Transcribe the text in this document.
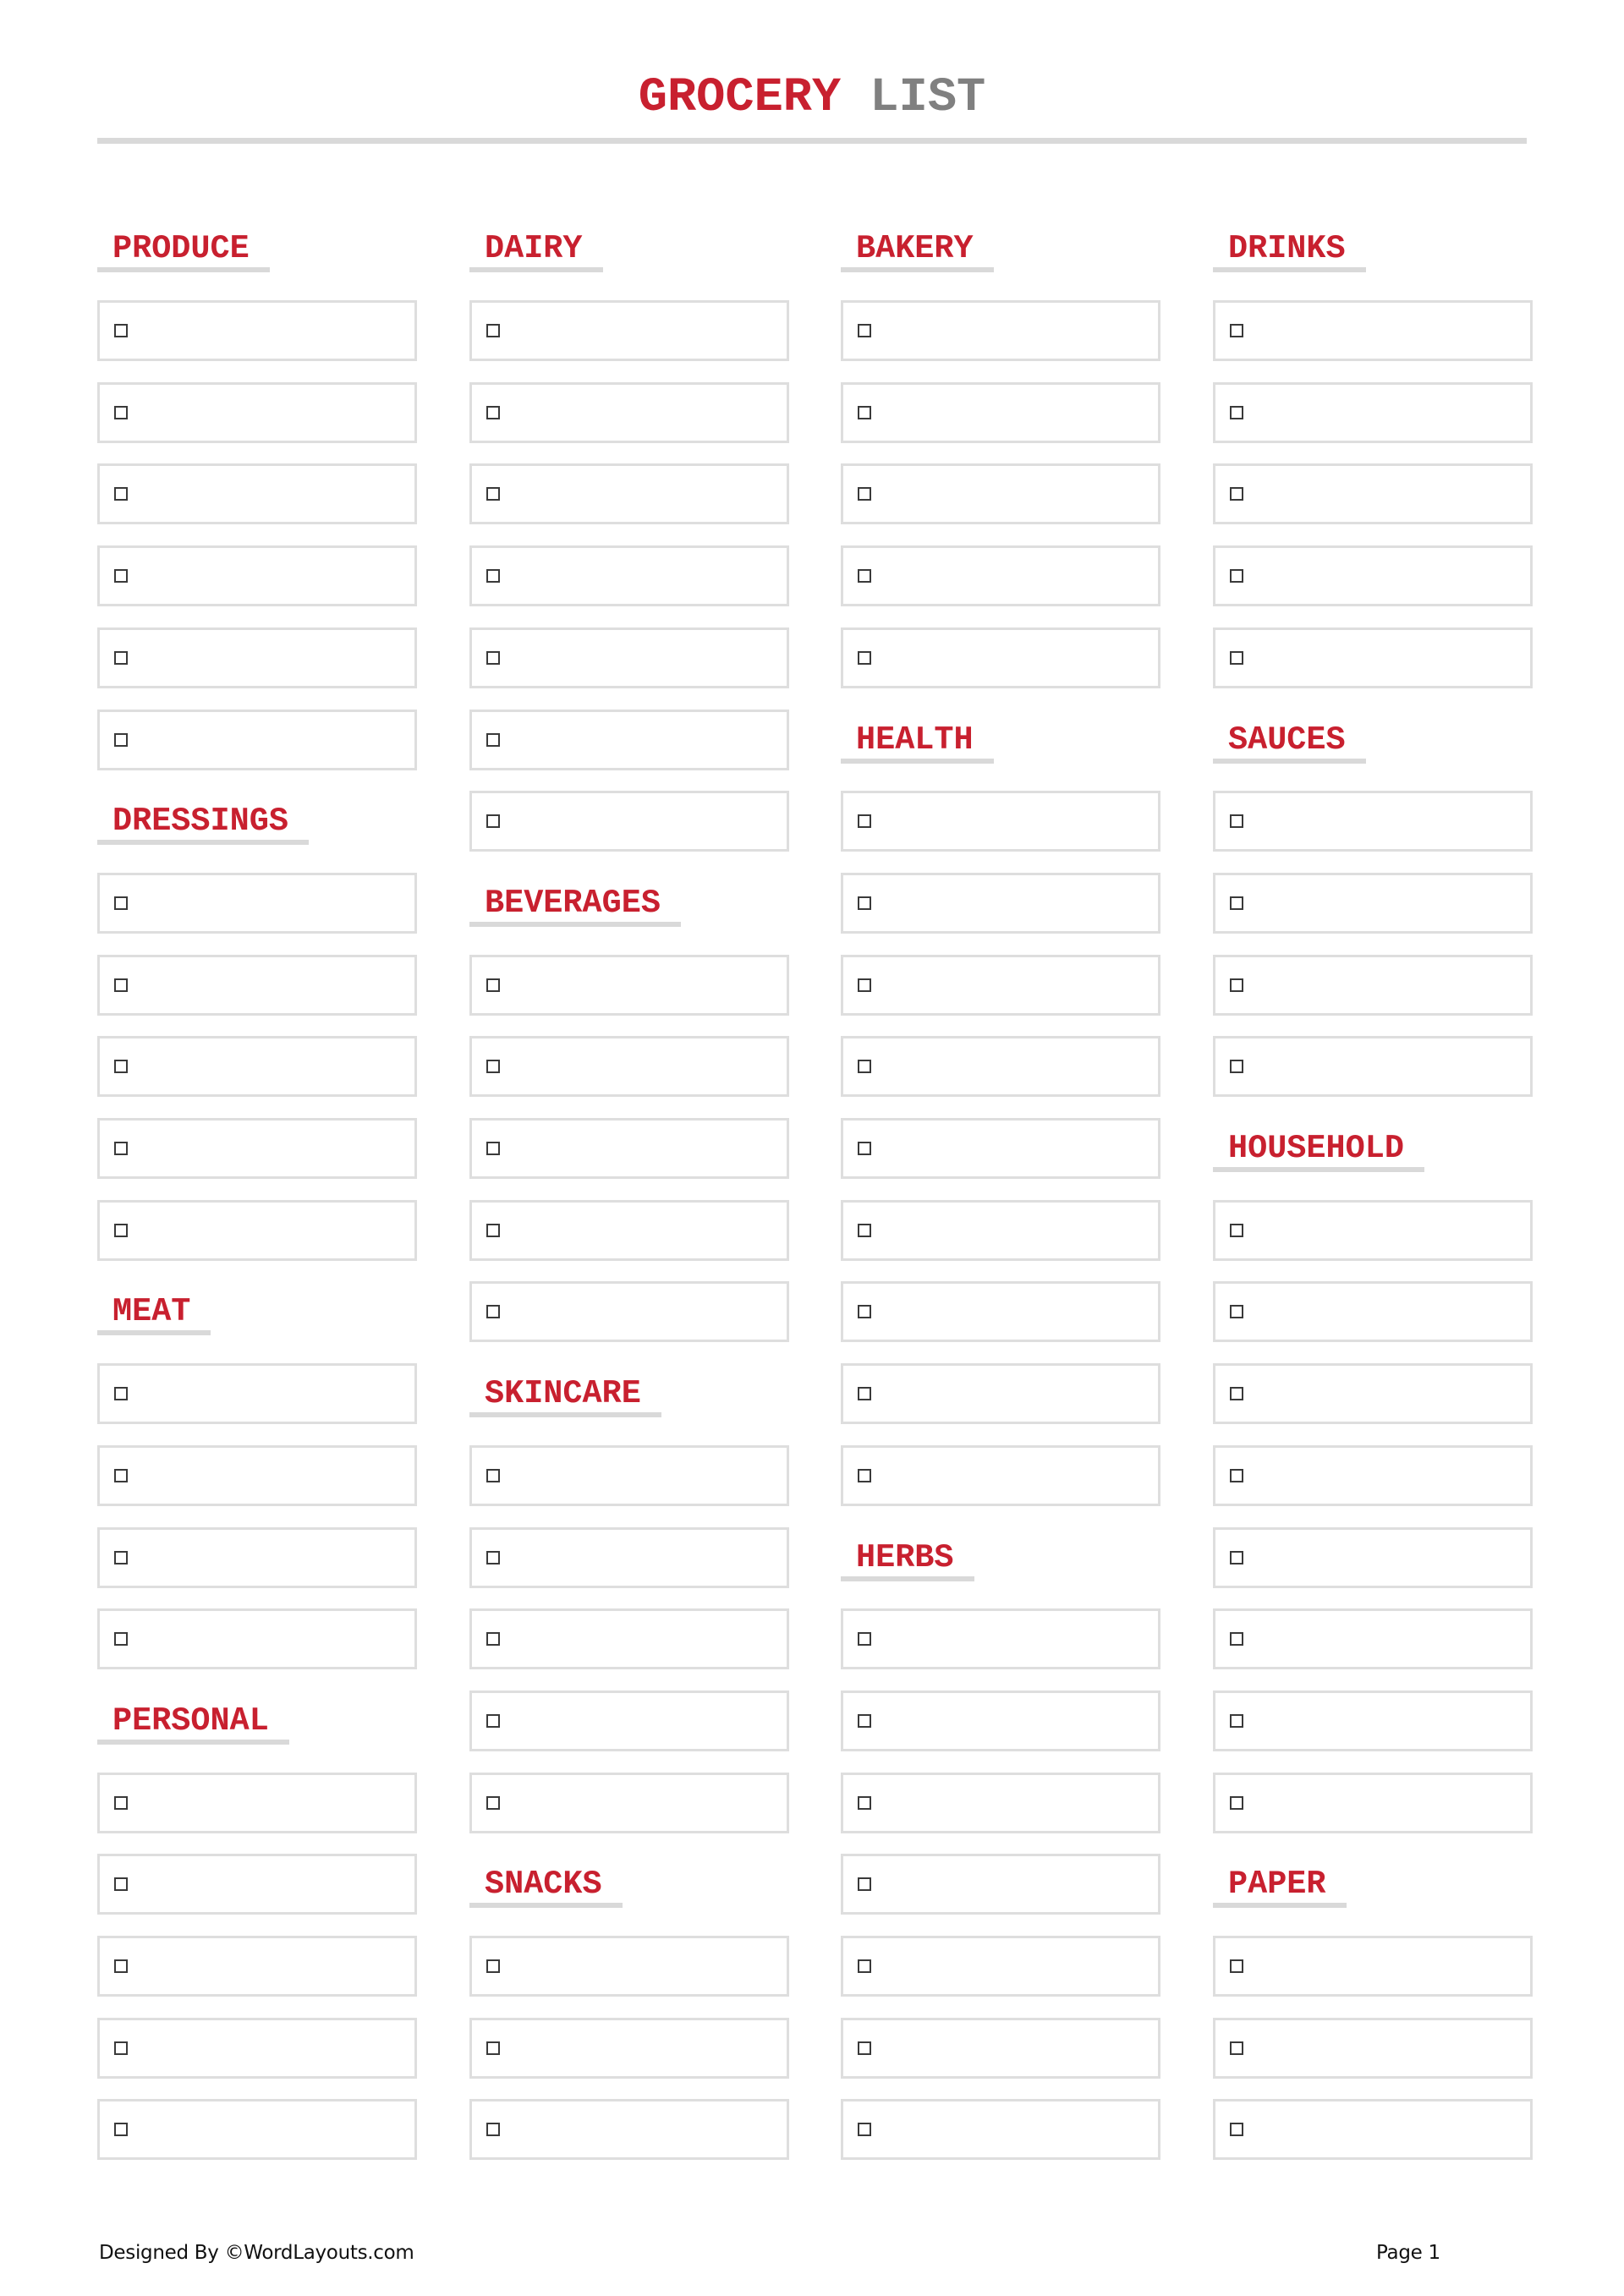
GROCERY LIST
PRODUCE
DRESSINGS
MEAT
PERSONAL
DAIRY
BEVERAGES
SKINCARE
SNACKS
BAKERY
HEALTH
HERBS
DRINKS
SAUCES
HOUSEHOLD
PAPER
Designed By ©WordLayouts.com	Page 1
